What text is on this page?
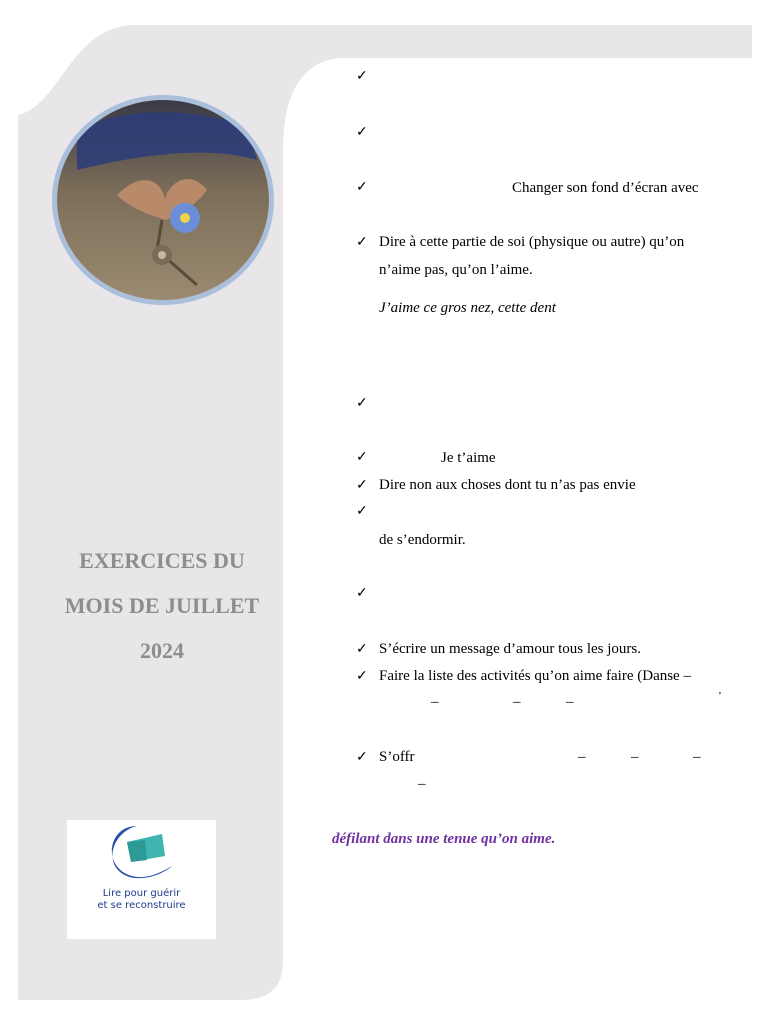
EXERCICES DU
MOIS DE JUILLET
2024
Lire pour guérir
et se reconstruire
✓
✓
✓
✓
✓
✓
✓
✓
✓
✓
✓
✓
Changer son fond d’écran avec
Dire à cette partie de soi (physique ou autre) qu’on
n’aime pas, qu’on l’aime.
J’aime ce gros nez, cette dent
Je t’aime
Dire non aux choses dont tu n’as pas envie
de s’endormir.
S’écrire un message d’amour tous les jours.
Faire la liste des activités qu’on aime faire (Danse –
–	–	–	’
S’offr	–	–	–
–
défilant dans une tenue qu’on aime.
